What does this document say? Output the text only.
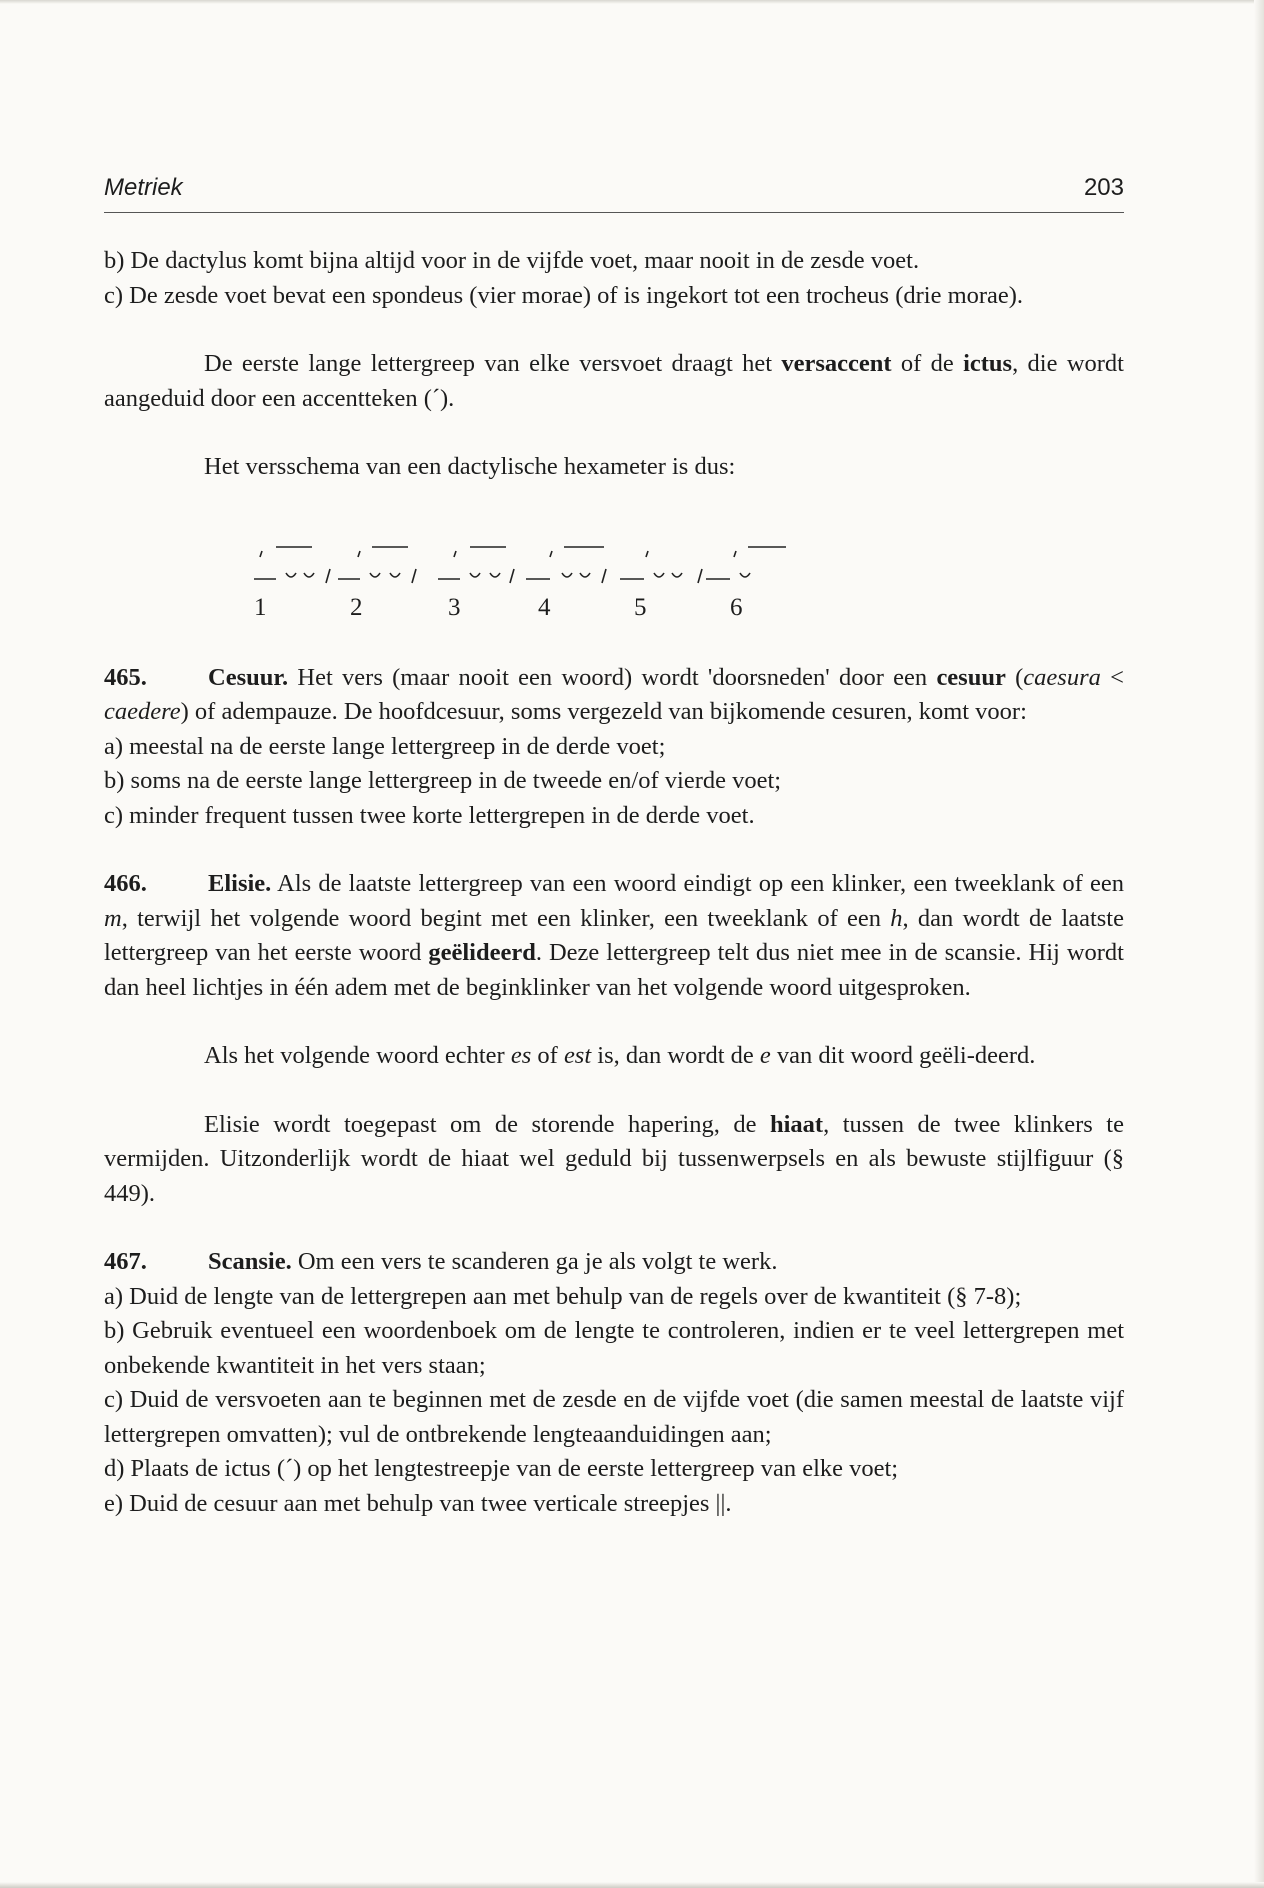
Metriek	203

b) De dactylus komt bijna altijd voor in de vijfde voet, maar nooit in de zesde voet.

c) De zesde voet bevat een spondeus (vier morae) of is ingekort tot een trocheus (drie morae).

De eerste lange lettergreep van elke versvoet draagt het versaccent of de ictus, die wordt aangeduid door een accentteken (´).

Het versschema van een dactylische hexameter is dus:

1	2	3	4	5	6

465. Cesuur. Het vers (maar nooit een woord) wordt 'doorsneden' door een cesuur (caesura < caedere) of adempauze. De hoofdcesuur, soms vergezeld van bijkomende cesuren, komt voor:

a) meestal na de eerste lange lettergreep in de derde voet;

b) soms na de eerste lange lettergreep in de tweede en/of vierde voet;

c) minder frequent tussen twee korte lettergrepen in de derde voet.

466. Elisie. Als de laatste lettergreep van een woord eindigt op een klinker, een tweeklank of een m, terwijl het volgende woord begint met een klinker, een tweeklank of een h, dan wordt de laatste lettergreep van het eerste woord geëlideerd. Deze lettergreep telt dus niet mee in de scansie. Hij wordt dan heel lichtjes in één adem met de beginklinker van het volgende woord uitgesproken.

Als het volgende woord echter es of est is, dan wordt de e van dit woord geëli-deerd.

Elisie wordt toegepast om de storende hapering, de hiaat, tussen de twee klinkers te vermijden. Uitzonderlijk wordt de hiaat wel geduld bij tussenwerpsels en als bewuste stijlfiguur (§ 449).

467. Scansie. Om een vers te scanderen ga je als volgt te werk.

a) Duid de lengte van de lettergrepen aan met behulp van de regels over de kwantiteit (§ 7-8);

b) Gebruik eventueel een woordenboek om de lengte te controleren, indien er te veel lettergrepen met onbekende kwantiteit in het vers staan;

c) Duid de versvoeten aan te beginnen met de zesde en de vijfde voet (die samen meestal de laatste vijf lettergrepen omvatten); vul de ontbrekende lengteaanduidingen aan;

d) Plaats de ictus (´) op het lengtestreepje van de eerste lettergreep van elke voet;

e) Duid de cesuur aan met behulp van twee verticale streepjes ||.
